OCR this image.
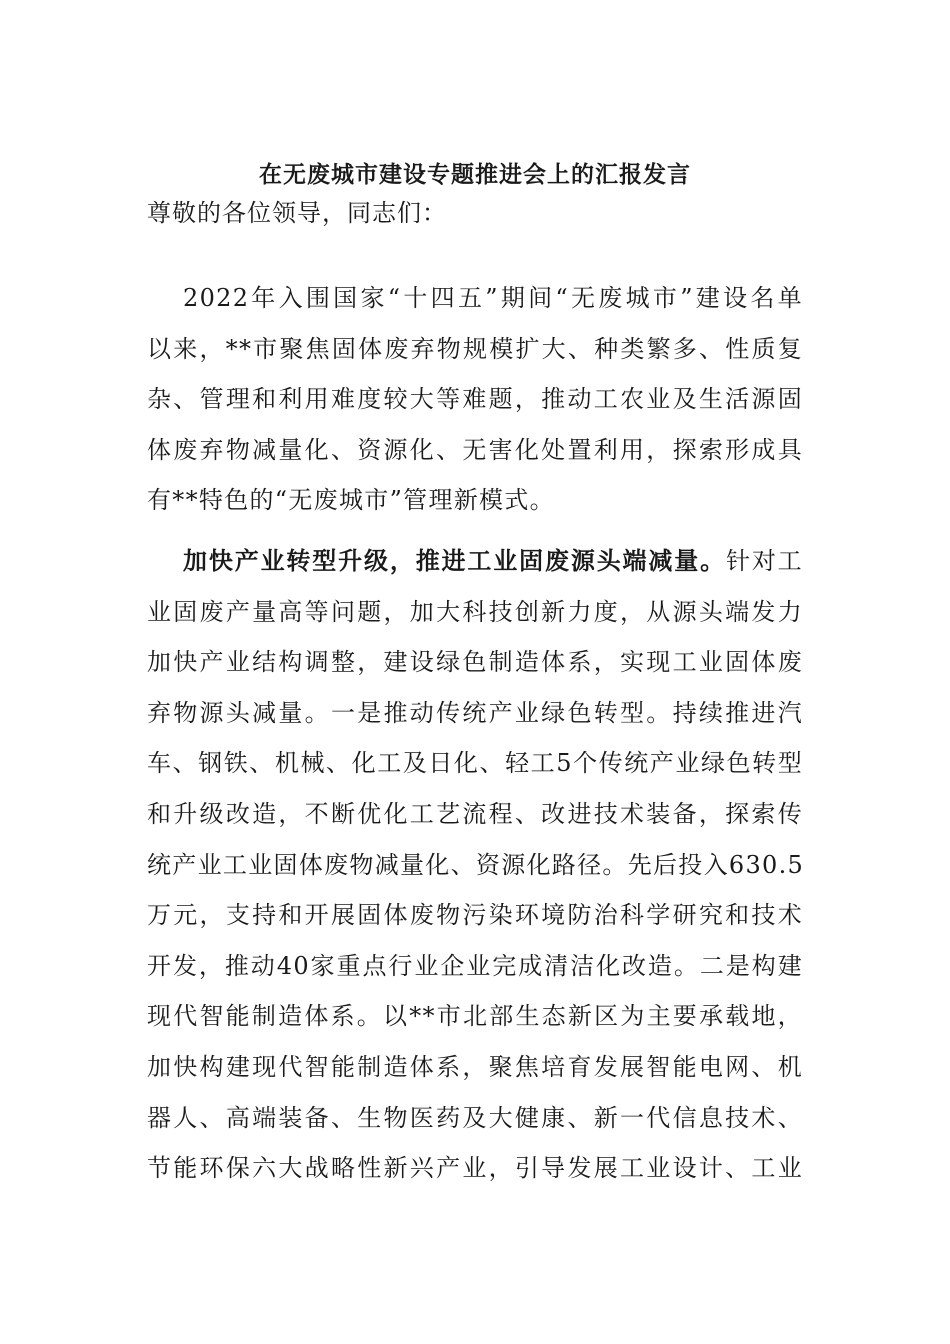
在无废城市建设专题推进会上的汇报发言

尊敬的各位领导，同志们：

2022年入围国家“十四五”期间“无废城市”建设名单
以来，**市聚焦固体废弃物规模扩大、种类繁多、性质复
杂、管理和利用难度较大等难题，推动工农业及生活源固
体废弃物减量化、资源化、无害化处置利用，探索形成具
有**特色的“无废城市”管理新模式。

加快产业转型升级，推进工业固废源头端减量。针对工
业固废产量高等问题，加大科技创新力度，从源头端发力
加快产业结构调整，建设绿色制造体系，实现工业固体废
弃物源头减量。一是推动传统产业绿色转型。持续推进汽
车、钢铁、机械、化工及日化、轻工5个传统产业绿色转型
和升级改造，不断优化工艺流程、改进技术装备，探索传
统产业工业固体废物减量化、资源化路径。先后投入630.5
万元，支持和开展固体废物污染环境防治科学研究和技术
开发，推动40家重点行业企业完成清洁化改造。二是构建
现代智能制造体系。以**市北部生态新区为主要承载地，
加快构建现代智能制造体系，聚焦培育发展智能电网、机
器人、高端装备、生物医药及大健康、新一代信息技术、
节能环保六大战略性新兴产业，引导发展工业设计、工业
